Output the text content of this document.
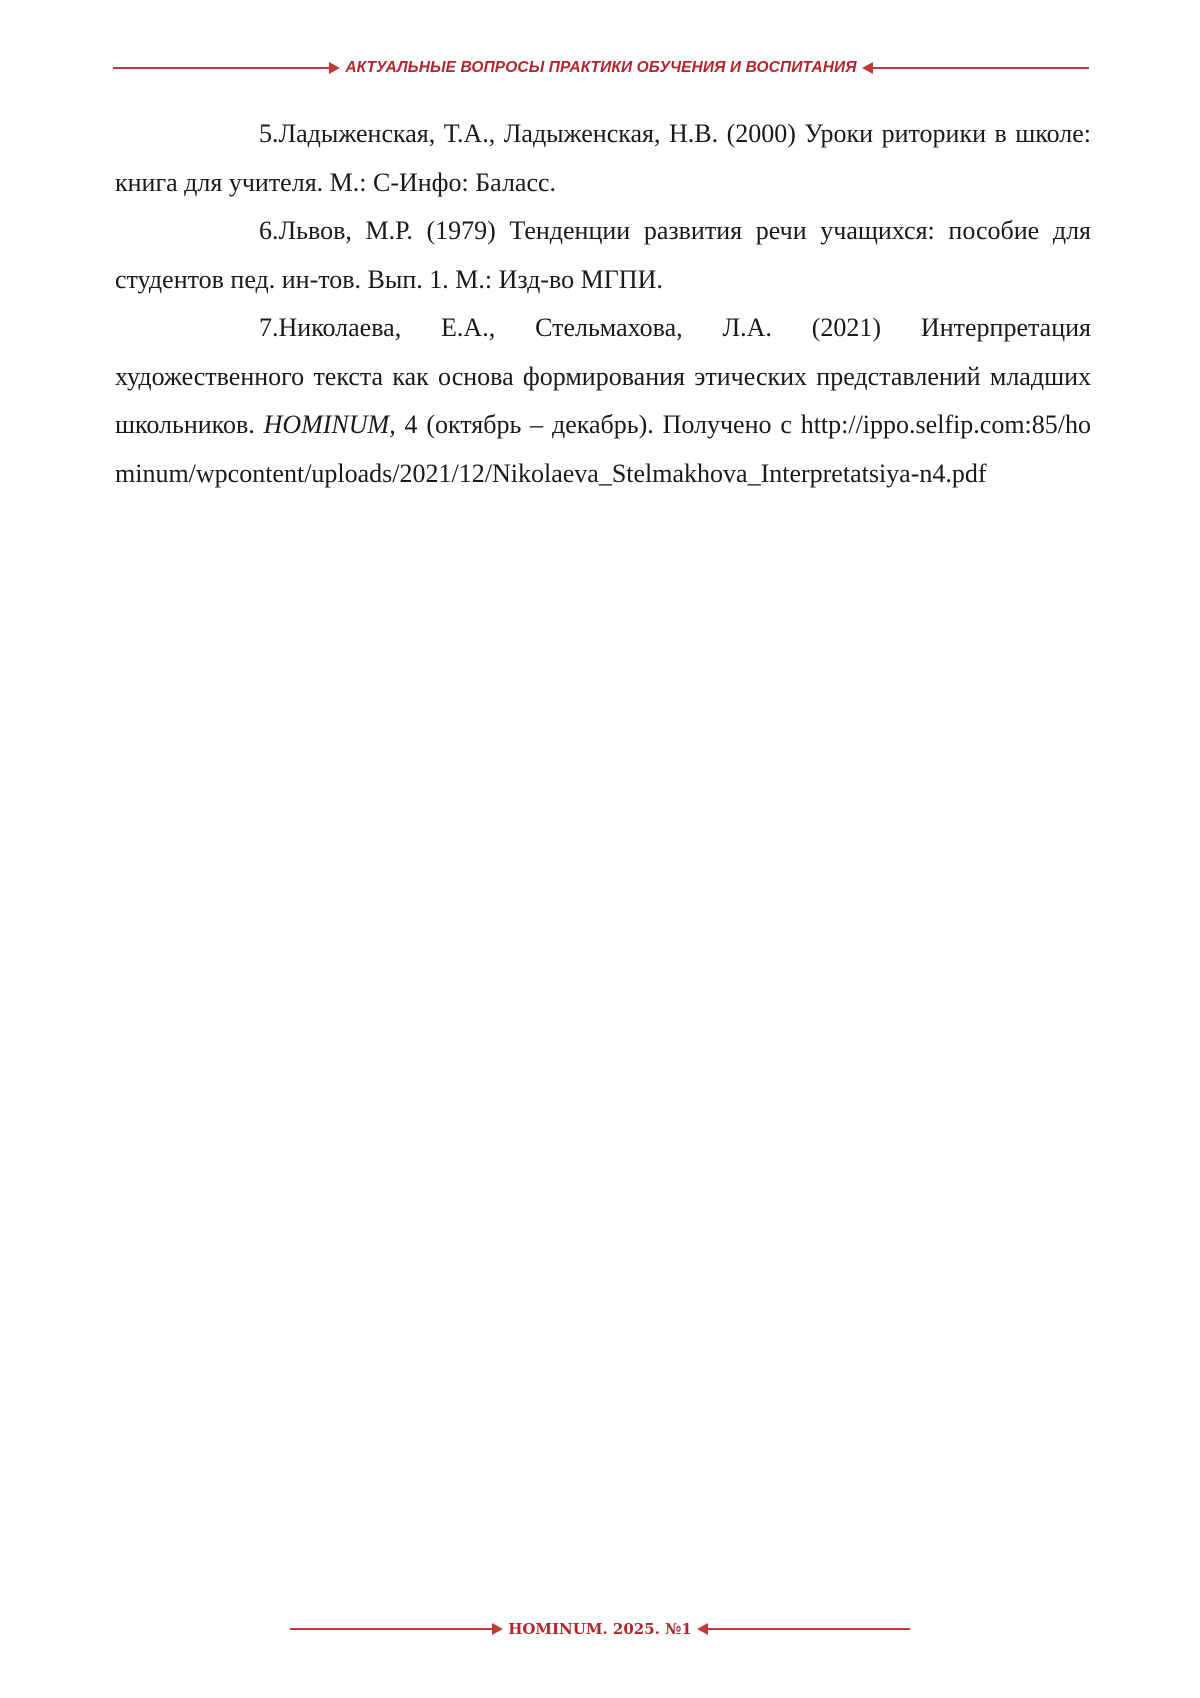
АКТУАЛЬНЫЕ ВОПРОСЫ ПРАКТИКИ ОБУЧЕНИЯ И ВОСПИТАНИЯ

5.Ладыженская, Т.А., Ладыженская, Н.В. (2000) Уроки риторики в школе: книга для учителя. М.: С-Инфо: Баласс.

6.Львов, М.Р. (1979) Тенденции развития речи учащихся: пособие для студентов пед. ин-тов. Вып. 1. М.: Изд-во МГПИ.

7.Николаева, Е.А., Стельмахова, Л.А. (2021) Интерпретация художественного текста как основа формирования этических представлений младших школьников. HOMINUM, 4 (октябрь – декабрь). Получено с http://ippo.selfip.com:85/hominum/wpcontent/uploads/2021/12/Nikolaeva_Stelmakhova_Interpretatsiya-n4.pdf

HOMINUM. 2025. №1
